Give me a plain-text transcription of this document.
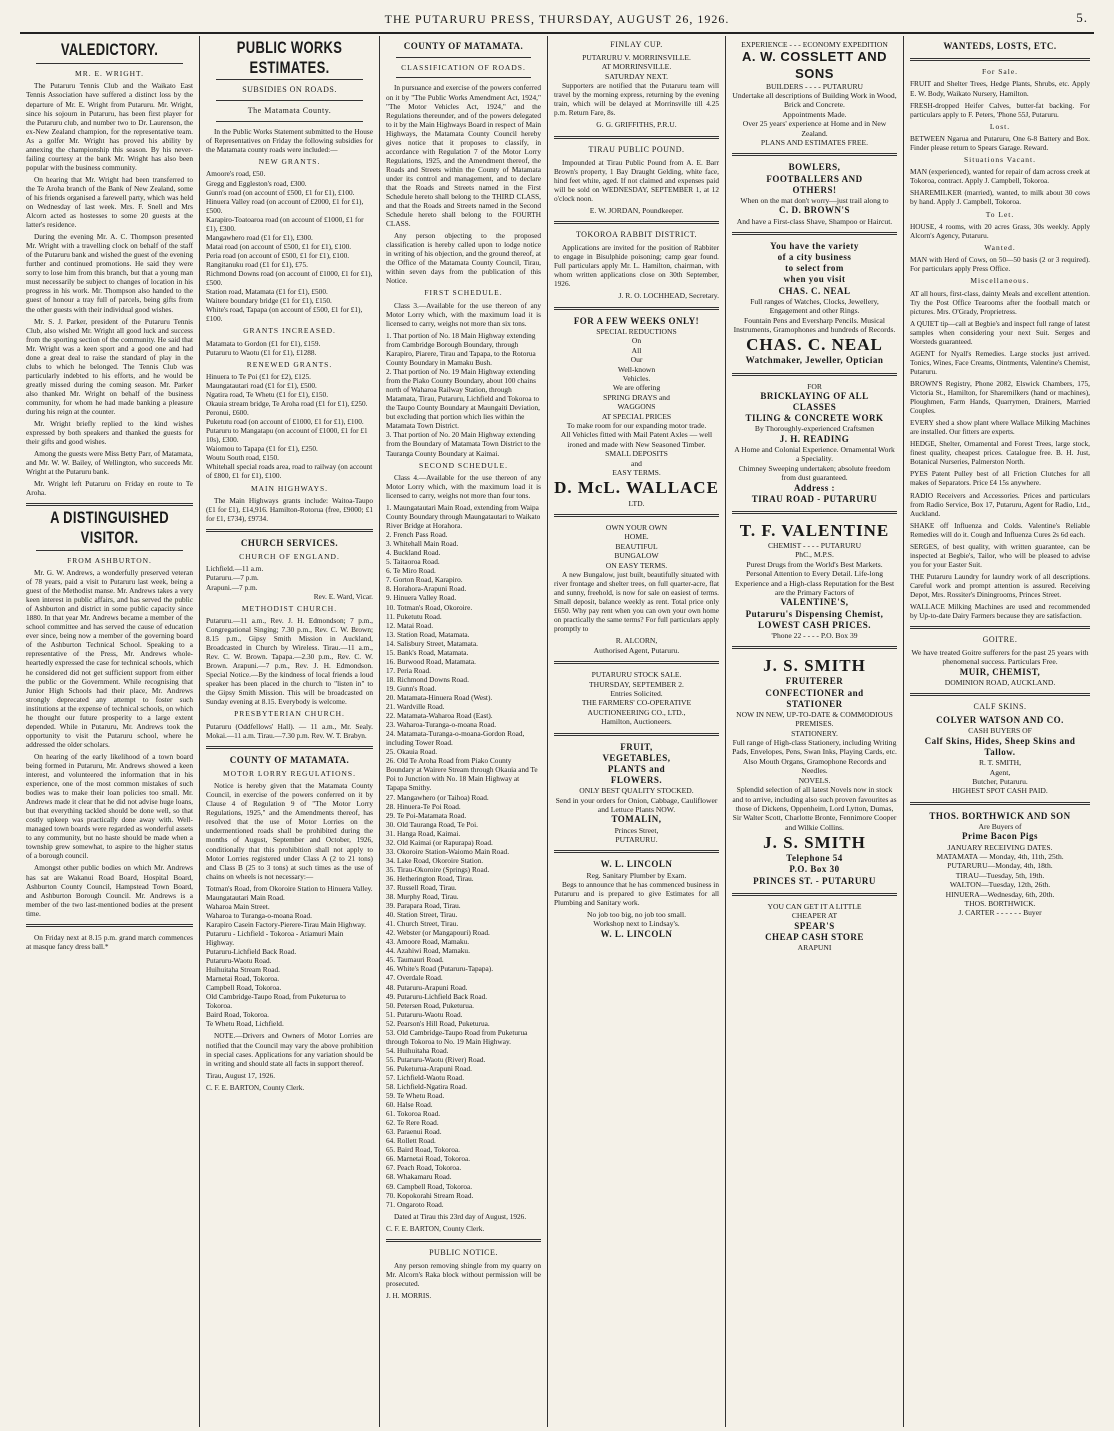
THE PUTARURU PRESS, THURSDAY, AUGUST 26, 1926.	5.
VALEDICTORY.
MR. E. WRIGHT.

The Putaruru Tennis Club and the Waikato East Tennis Association have suffered a distinct loss by the departure of Mr. E. Wright from Putaruru. Mr. Wright, since his sojourn in Putaruru, has been first player for the Putaruru club, and number two to Dr. Laurenson, the ex-New Zealand champion, for the representative team. As a golfer Mr. Wright has proved his ability by annexing the championship this season. By his never-failing courtesy at the bank Mr. Wright has also been popular with the business community.

On hearing that Mr. Wright had been transferred to the Te Aroha branch of the Bank of New Zealand, some of his friends organised a farewell party, which was held on Wednesday of last week. Mrs. F. Snell and Mrs Alcorn acted as hostesses to some 20 guests at the latter's residence.

During the evening Mr. A. C. Thompson presented Mr. Wright with a travelling clock on behalf of the staff of the Putaruru bank and wished the guest of the evening further and continued promotions. He said they were sorry to lose him from this branch, but that a young man must necessarily be subject to changes of location in his progress in his work. Mr. Thompson also handed to the guest of honour a tray full of parcels, being gifts from the other guests with their individual good wishes.

Mr. S. J. Parker, president of the Putaruru Tennis Club, also wished Mr. Wright all good luck and success from the sporting section of the community. He said that Mr. Wright was a keen sport and a good one and had done a great deal to raise the standard of play in the clubs to which he belonged. The Tennis Club was particularly indebted to his efforts, and he would be greatly missed during the coming season. Mr. Parker also thanked Mr. Wright on behalf of the business community, for whom he had made banking a pleasure during his reign at the counter.

Mr. Wright briefly replied to the kind wishes expressed by both speakers and thanked the guests for their gifts and good wishes.

Among the guests were Miss Betty Parr, of Matamata, and Mr. W. W. Bailey, of Wellington, who succeeds Mr. Wright at the Putaruru bank.

Mr. Wright left Putaruru on Friday en route to Te Aroha.

A DISTINGUISHED VISITOR.
FROM ASHBURTON.

Mr. G. W. Andrews, a wonderfully preserved veteran of 78 years, paid a visit to Putaruru last week, being a guest of the Methodist manse. Mr. Andrews takes a very keen interest in public affairs, and has served the public of Ashburton and district in some public capacity since 1880. In that year Mr. Andrews became a member of the school committee and has served the cause of education ever since, being now a member of the governing board of the Ashburton Technical School. Speaking to a representative of the Press, Mr. Andrews whole-heartedly expressed the case for technical schools, which he considered did not get sufficient support from either the public or the Government. While recognising that Junior High Schools had their place, Mr. Andrews strongly deprecated any attempt to foster such institutions at the expense of technical schools, on which he thought our future prosperity to a large extent depended. While in Putaruru, Mr. Andrews took the opportunity to visit the Putaruru school, where he addressed the older scholars.

On hearing of the early likelihood of a town board being formed in Putaruru, Mr. Andrews showed a keen interest, and volunteered the information that in his experience, one of the most common mistakes of such bodies was to make their loan policies too small. Mr. Andrews made it clear that he did not advise huge loans, but that everything tackled should be done well, so that costly upkeep was practically done away with. Well-managed town boards were regarded as wonderful assets to any community, but no haste should be made when a township grew somewhat, to aspire to the higher status of a borough council.

Amongst other public bodies on which Mr. Andrews has sat are Wakanui Road Board, Hospital Board, Ashburton County Council, Hampstead Town Board, and Ashburton Borough Council. Mr. Andrews is a member of the two last-mentioned bodies at the present time.

On Friday next at 8.15 p.m. grand march commences at masque fancy dress ball.*

PUBLIC WORKS ESTIMATES.
SUBSIDIES ON ROADS.
The Matamata County.

In the Public Works Statement submitted to the House of Representatives on Friday the following subsidies for the Matamata county roads were included:—

NEW GRANTS.
Amoore's road, £50.
Gregg and Eggleston's road, £300.
Gunn's road (on account of £500, £1 for £1), £100.
Hinuera Valley road (on account of £2000, £1 for £1), £500.
Karapiro-Toatoaroa road (on account of £1000, £1 for £1), £300.
Mangawhero road (£1 for £1), £300.
Matai road (on account of £500, £1 for £1), £100.
Peria road (on account of £500, £1 for £1), £100.
Rangitanuku road (£1 for £1), £75.
Richmond Downs road (on account of £1000, £1 for £1), £500.
Station road, Matamata (£1 for £1), £500.
Waitere boundary bridge (£1 for £1), £150.
White's road, Tapapa (on account of £500, £1 for £1), £100.
GRANTS INCREASED.
Matamata to Gordon (£1 for £1), £159.
Putaruru to Waotu (£1 for £1), £1288.
RENEWED GRANTS.
Hinuera to Te Poi (£1 for £2), £125.
Maungatautari road (£1 for £1), £500.
Ngatira road, Te Whetu (£1 for £1), £150.
Okauia stream bridge, Te Aroha road (£1 for £1), £250.
Peronui, £600.
Puketutu road (on account of £1000, £1 for £1), £100.
Putaruru to Mangatapu (on account of £1000, £1 for £1 10s), £300.
Waiomou to Tapapa (£1 for £1), £250.
Woutu South road, £150.
Whitehall special roads area, road to railway (on account of £800, £1 for £1), £100.
MAIN HIGHWAYS.

The Main Highways grants include: Waitoa-Taupo (£1 for £1), £14,916. Hamilton-Rotorua (free, £9000; £1 for £1, £734), £9734.

CHURCH SERVICES.
CHURCH OF ENGLAND.
Lichfield.—11 a.m.
Putaruru.—7 p.m.
Arapuni.—7 p.m.
Rev. E. Ward, Vicar.
METHODIST CHURCH.

Putaruru.—11 a.m., Rev. J. H. Edmondson; 7 p.m., Congregational Singing; 7.30 p.m., Rev. C. W. Brown; 8.15 p.m., Gipsy Smith Mission in Auckland, Broadcasted in Church by Wireless. Tirau.—11 a.m., Rev. C. W. Brown. Tapapa.—2.30 p.m., Rev. C. W. Brown. Arapuni.—7 p.m., Rev. J. H. Edmondson. Special Notice.—By the kindness of local friends a loud speaker has been placed in the church to "listen in" to the Gipsy Smith Mission. This will be broadcasted on Sunday evening at 8.15. Everybody is welcome.

PRESBYTERIAN CHURCH.

Putaruru (Oddfellows' Hall). — 11 a.m., Mr. Sealy. Mokai.—11 a.m. Tirau.—7.30 p.m. Rev. W. T. Brabyn.

COUNTY OF MATAMATA.
MOTOR LORRY REGULATIONS.

Notice is hereby given that the Matamata County Council, in exercise of the powers conferred on it by Clause 4 of Regulation 9 of "The Motor Lorry Regulations, 1925," and the Amendments thereof, has resolved that the use of Motor Lorries on the undermentioned roads shall be prohibited during the months of August, September and October, 1926, conditionally that this prohibition shall not apply to Motor Lorries registered under Class A (2 to 21 tons) and Class B (25 to 3 tons) at such times as the use of chains on wheels is not necessary:—

Totman's Road, from Okoroire Station to Hinuera Valley.
Maungatautari Main Road.
Waharoa Main Street.
Waharoa to Turanga-o-moana Road.
Karapiro Casein Factory-Pierere-Tirau Main Highway.
Putaruru - Lichfield - Tokoroa - Atiamuri Main Highway.
Putaruru-Lichfield Back Road.
Putaruru-Waotu Road.
Huihuitaha Stream Road.
Marnetai Road, Tokoroa.
Campbell Road, Tokoroa.
Old Cambridge-Taupo Road, from Puketurua to Tokoroa.
Baird Road, Tokoroa.
Te Whetu Road, Lichfield.

NOTE.—Drivers and Owners of Motor Lorries are notified that the Council may vary the above prohibition in special cases. Applications for any variation should be in writing and should state all facts in support thereof.

Tirau, August 17, 1926.

C. F. E. BARTON, County Clerk.

COUNTY OF MATAMATA.
CLASSIFICATION OF ROADS.

In pursuance and exercise of the powers conferred on it by "The Public Works Amendment Act, 1924," "The Motor Vehicles Act, 1924," and the Regulations thereunder, and of the powers delegated to it by the Main Highways Board in respect of Main Highways, the Matamata County Council hereby gives notice that it proposes to classify, in accordance with Regulation 7 of the Motor Lorry Regulations, 1925, and the Amendment thereof, the Roads and Streets within the County of Matamata under its control and management, and to declare that the Roads and Streets named in the First Schedule hereto shall belong to the THIRD CLASS, and that the Roads and Streets named in the Second Schedule hereto shall belong to the FOURTH CLASS.

Any person objecting to the proposed classification is hereby called upon to lodge notice in writing of his objection, and the ground thereof, at the Office of the Matamata County Council, Tirau, within seven days from the publication of this Notice.

FIRST SCHEDULE.

Class 3.—Available for the use thereon of any Motor Lorry which, with the maximum load it is licensed to carry, weighs not more than six tons.

1. That portion of No. 18 Main Highway extending from Cambridge Borough Boundary, through Karapiro, Piarere, Tirau and Tapapa, to the Rotorua County Boundary in Mamaku Bush.
2. That portion of No. 19 Main Highway extending from the Piako County Boundary, about 100 chains north of Waharoa Railway Station, through Matamata, Tirau, Putaruru, Lichfield and Tokoroa to the Taupo County Boundary at Maungaiti Deviation, but excluding that portion which lies within the Matamata Town District.
3. That portion of No. 20 Main Highway extending from the Boundary of Matamata Town District to the Tauranga County Boundary at Kaimai.
SECOND SCHEDULE.

Class 4.—Available for the use thereon of any Motor Lorry which, with the maximum load it is licensed to carry, weighs not more than four tons.

1. Maungatautari Main Road, extending from Waipa County Boundary through Maungatautari to Waikato River Bridge at Horahora.
2. French Pass Road.
3. Whitehall Main Road.
4. Buckland Road.
5. Taitaoroa Road.
6. Te Miro Road.
7. Gorton Road, Karapiro.
8. Horahora-Arapuni Road.
9. Hinuera Valley Road.
10. Totman's Road, Okoroire.
11. Puketutu Road.
12. Matai Road.
13. Station Road, Matamata.
14. Salisbury Street, Matamata.
15. Bank's Road, Matamata.
16. Burwood Road, Matamata.
17. Peria Road.
18. Richmond Downs Road.
19. Gunn's Road.
20. Matamata-Hinuera Road (West).
21. Wardville Road.
22. Matamata-Waharoa Road (East).
23. Waharoa-Turanga-o-moana Road.
24. Matamata-Turanga-o-moana-Gordon Road, including Tower Road.
25. Okauia Road.
26. Old Te Aroha Road from Piako County Boundary at Wairere Stream through Okauia and Te Poi to Junction with No. 18 Main Highway at Tapapa Smithy.
27. Mangawhero (or Taihoa) Road.
28. Hinuera-Te Poi Road.
29. Te Poi-Matamata Road.
30. Old Tauranga Road, Te Poi.
31. Hanga Road, Kaimai.
32. Old Kaimai (or Rapurapa) Road.
33. Okoroire Station-Waiomo Main Road.
34. Lake Road, Okoroire Station.
35. Tirau-Okoroire (Springs) Road.
36. Hetherington Road, Tirau.
37. Russell Road, Tirau.
38. Murphy Road, Tirau.
39. Parapara Road, Tirau.
40. Station Street, Tirau.
41. Church Street, Tirau.
42. Webster (or Mangapouri) Road.
43. Amoore Road, Mamaku.
44. Azahiwi Road, Mamaku.
45. Taumauri Road.
46. White's Road (Putaruru-Tapapa).
47. Overdale Road.
48. Putaruru-Arapuni Road.
49. Putaruru-Lichfield Back Road.
50. Petersen Road, Puketurua.
51. Putaruru-Waotu Road.
52. Pearson's Hill Road, Puketurua.
53. Old Cambridge-Taupo Road from Puketurua through Tokoroa to No. 19 Main Highway.
54. Huihuitaha Road.
55. Putaruru-Waotu (River) Road.
56. Puketurua-Arapuni Road.
57. Lichfield-Waotu Road.
58. Lichfield-Ngatira Road.
59. Te Whetu Road.
60. Halse Road.
61. Tokoroa Road.
62. Te Rere Road.
63. Paraenui Road.
64. Rollett Road.
65. Baird Road, Tokoroa.
66. Marnetai Road, Tokoroa.
67. Peach Road, Tokoroa.
68. Whakamaru Road.
69. Campbell Road, Tokoroa.
70. Kopokorahi Stream Road.
71. Ongaroto Road.

Dated at Tirau this 23rd day of August, 1926.

C. F. E. BARTON, County Clerk.

PUBLIC NOTICE.

Any person removing shingle from my quarry on Mr. Alcorn's Raka block without permission will be prosecuted.

J. H. MORRIS.

FINLAY CUP.
PUTARURU V. MORRINSVILLE.
AT MORRINSVILLE.
SATURDAY NEXT.

Supporters are notified that the Putaruru team will travel by the morning express, returning by the evening train, which will be delayed at Morrinsville till 4.25 p.m. Return Fare, 8s.

G. G. GRIFFITHS, P.R.U.
TIRAU PUBLIC POUND.

Impounded at Tirau Public Pound from A. E. Barr Brown's property, 1 Bay Draught Gelding, white face, hind feet white, aged. If not claimed and expenses paid will be sold on WEDNESDAY, SEPTEMBER 1, at 12 o'clock noon.

E. W. JORDAN, Poundkeeper.
TOKOROA RABBIT DISTRICT.

Applications are invited for the position of Rabbiter to engage in Bisulphide poisoning; camp gear found. Full particulars apply Mr. L. Hamilton, chairman, with whom written applications close on 30th September, 1926.

J. R. O. LOCHHEAD, Secretary.
FOR A FEW WEEKS ONLY!
SPECIAL REDUCTIONS
On
All
Our
Well-known
Vehicles.
We are offering
SPRING DRAYS and
WAGGONS
AT SPECIAL PRICES
To make room for our expanding motor trade.
All Vehicles fitted with Mail Patent Axles — well ironed and made with New Seasoned Timber.
SMALL DEPOSITS
and
EASY TERMS.
D. McL. WALLACE
LTD.
OWN YOUR OWN
HOME.
BEAUTIFUL
BUNGALOW
ON EASY TERMS.

A new Bungalow, just built, beautifully situated with river frontage and shelter trees, on full quarter-acre, flat and sunny, freehold, is now for sale on easiest of terms. Small deposit, balance weekly as rent. Total price only £650. Why pay rent when you can own your own home on practically the same terms? For full particulars apply promptly to

R. ALCORN,
Authorised Agent, Putaruru.
PUTARURU STOCK SALE.
THURSDAY, SEPTEMBER 2.
Entries Solicited.
THE FARMERS' CO-OPERATIVE AUCTIONEERING CO., LTD.,
Hamilton, Auctioneers.
FRUIT,
VEGETABLES,
PLANTS and
FLOWERS.
ONLY BEST QUALITY STOCKED.
Send in your orders for Onion, Cabbage, Cauliflower and Lettuce Plants NOW.
TOMALIN,
Princes Street,
PUTARURU.
W. L. LINCOLN
Reg. Sanitary Plumber by Exam.

Begs to announce that he has commenced business in Putaruru and is prepared to give Estimates for all Plumbing and Sanitary work.

No job too big, no job too small.
Workshop next to Lindsay's.
W. L. LINCOLN
EXPERIENCE - - - ECONOMY EXPEDITION
A. W. COSSLETT AND SONS
BUILDERS - - - - PUTARURU
Undertake all descriptions of Building Work in Wood, Brick and Concrete.
Appointments Made.
Over 25 years' experience at Home and in New Zealand.
PLANS AND ESTIMATES FREE.
BOWLERS,
FOOTBALLERS AND
OTHERS!
When on the mat don't worry—just trail along to
C. D. BROWN'S
And have a First-class Shave, Shampoo or Haircut.
You have the variety
of a city business
to select from
when you visit
CHAS. C. NEAL
Full ranges of Watches, Clocks, Jewellery, Engagement and other Rings.
Fountain Pens and Eversharp Pencils. Musical Instruments, Gramophones and hundreds of Records.
CHAS. C. NEAL
Watchmaker, Jeweller, Optician
FOR
BRICKLAYING OF ALL
CLASSES
TILING & CONCRETE WORK
By Thoroughly-experienced Craftsmen
J. H. READING
A Home and Colonial Experience. Ornamental Work a Speciality.
Chimney Sweeping undertaken; absolute freedom from dust guaranteed.
Address :
TIRAU ROAD - PUTARURU
T. F. VALENTINE
CHEMIST - - - - PUTARURU
PhC., M.P.S.
Purest Drugs from the World's Best Markets.
Personal Attention to Every Detail. Life-long Experience and a High-class Reputation for the Best are the Primary Factors of
VALENTINE'S,
Putaruru's Dispensing Chemist,
LOWEST CASH PRICES.
'Phone 22 - - - - P.O. Box 39
J. S. SMITH
FRUITERER
CONFECTIONER and
STATIONER
NOW IN NEW, UP-TO-DATE & COMMODIOUS PREMISES.
STATIONERY.
Full range of High-class Stationery, including Writing Pads, Envelopes, Pens, Swan Inks, Playing Cards, etc.
Also Mouth Organs, Gramophone Records and Needles.
NOVELS.
Splendid selection of all latest Novels now in stock and to arrive, including also such proven favourites as those of Dickens, Oppenheim, Lord Lytton, Dumas, Sir Walter Scott, Charlotte Bronte, Fennimore Cooper and Wilkie Collins.
J. S. SMITH
Telephone 54
P.O. Box 30
PRINCES ST. - PUTARURU
YOU CAN GET IT A LITTLE
CHEAPER AT
SPEAR'S
CHEAP CASH STORE
ARAPUNI
WANTEDS, LOSTS, ETC.
For Sale.

FRUIT and Shelter Trees, Hedge Plants, Shrubs, etc. Apply E. W. Body, Waikato Nursery, Hamilton.

FRESH-dropped Heifer Calves, butter-fat backing. For particulars apply to F. Peters, 'Phone 55J, Putaruru.

Lost.

BETWEEN Ngarua and Putaruru, One 6-8 Battery and Box. Finder please return to Spears Garage. Reward.

Situations Vacant.

MAN (experienced), wanted for repair of dam across creek at Tokoroa, contract. Apply J. Campbell, Tokoroa.

SHAREMILKER (married), wanted, to milk about 30 cows by hand. Apply J. Campbell, Tokoroa.

To Let.

HOUSE, 4 rooms, with 20 acres Grass, 30s weekly. Apply Alcorn's Agency, Putaruru.

Wanted.

MAN with Herd of Cows, on 50—50 basis (2 or 3 required). For particulars apply Press Office.

Miscellaneous.

AT all hours, first-class, dainty Meals and excellent attention. Try the Post Office Tearooms after the football match or pictures. Mrs. O'Grady, Proprietress.

A QUIET tip—call at Begbie's and inspect full range of latest samples when considering your next Suit. Serges and Worsteds guaranteed.

AGENT for Nyall's Remedies. Large stocks just arrived. Tonics, Wines, Face Creams, Ointments, Valentine's Chemist, Putaruru.

BROWN'S Registry, Phone 2082, Elswick Chambers, 175, Victoria St., Hamilton, for Sharemilkers (hand or machines), Ploughmen, Farm Hands, Quarrymen, Drainers, Married Couples.

EVERY shed a show plant where Wallace Milking Machines are installed. Our fitters are experts.

HEDGE, Shelter, Ornamental and Forest Trees, large stock, finest quality, cheapest prices. Catalogue free. B. H. Just, Botanical Nurseries, Palmerston North.

PYES Patent Pulley best of all Friction Clutches for all makes of Separators. Price £4 15s anywhere.

RADIO Receivers and Accessories. Prices and particulars from Radio Service, Box 17, Putaruru, Agent for Radio, Ltd., Auckland.

SHAKE off Influenza and Colds. Valentine's Reliable Remedies will do it. Cough and Influenza Cures 2s 6d each.

SERGES, of best quality, with written guarantee, can be inspected at Begbie's, Tailor, who will be pleased to advise you for your Easter Suit.

THE Putaruru Laundry for laundry work of all descriptions. Careful work and prompt attention is assured. Receiving Depot, Mrs. Rossiter's Diningrooms, Princes Street.

WALLACE Milking Machines are used and recommended by Up-to-date Dairy Farmers because they are satisfaction.

GOITRE.
We have treated Goitre sufferers for the past 25 years with phenomenal success. Particulars Free.
MUIR, CHEMIST,
DOMINION ROAD, AUCKLAND.
CALF SKINS.
COLYER WATSON AND CO.
CASH BUYERS OF
Calf Skins, Hides, Sheep Skins and Tallow.
R. T. SMITH,
Agent,
Butcher, Putaruru.
HIGHEST SPOT CASH PAID.
THOS. BORTHWICK AND SON
Are Buyers of
Prime Bacon Pigs
JANUARY RECEIVING DATES.
MATAMATA — Monday, 4th, 11th, 25th.
PUTARURU—Monday, 4th, 18th.
TIRAU—Tuesday, 5th, 19th.
WALTON—Tuesday, 12th, 26th.
HINUERA—Wednesday, 6th, 20th.
THOS. BORTHWICK.
J. CARTER - - - - - - Buyer
